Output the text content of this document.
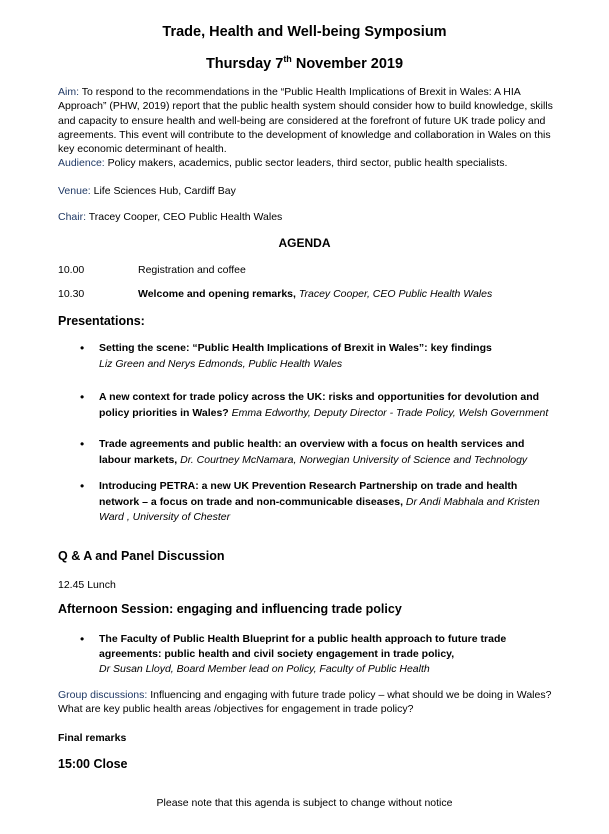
Trade, Health and Well-being Symposium
Thursday 7th November 2019
Aim: To respond to the recommendations in the “Public Health Implications of Brexit in Wales: A HIA Approach” (PHW, 2019) report that the public health system should consider how to build knowledge, skills and capacity to ensure health and well-being are considered at the forefront of future UK trade policy and agreements. This event will contribute to the development of knowledge and collaboration in Wales on this key economic determinant of health.
Audience: Policy makers, academics, public sector leaders, third sector, public health specialists.
Venue: Life Sciences Hub, Cardiff Bay
Chair: Tracey Cooper, CEO Public Health Wales
AGENDA
10.00	Registration and coffee
10.30	Welcome and opening remarks, Tracey Cooper, CEO Public Health Wales
Presentations:
• Setting the scene: “Public Health Implications of Brexit in Wales”: key findings
Liz Green and Nerys Edmonds, Public Health Wales
• A new context for trade policy across the UK: risks and opportunities for devolution and policy priorities in Wales? Emma Edworthy, Deputy Director - Trade Policy, Welsh Government
• Trade agreements and public health: an overview with a focus on health services and labour markets, Dr. Courtney McNamara, Norwegian University of Science and Technology
• Introducing PETRA: a new UK Prevention Research Partnership on trade and health network – a focus on trade and non-communicable diseases, Dr Andi Mabhala and Kristen Ward , University of Chester
Q & A and Panel Discussion
12.45 Lunch
Afternoon Session: engaging and influencing trade policy
• The Faculty of Public Health Blueprint for a public health approach to future trade agreements: public health and civil society engagement in trade policy,
Dr Susan Lloyd, Board Member lead on Policy, Faculty of Public Health
Group discussions: Influencing and engaging with future trade policy – what should we be doing in Wales? What are key public health areas /objectives for engagement in trade policy?
Final remarks
15:00 Close
Please note that this agenda is subject to change without notice
